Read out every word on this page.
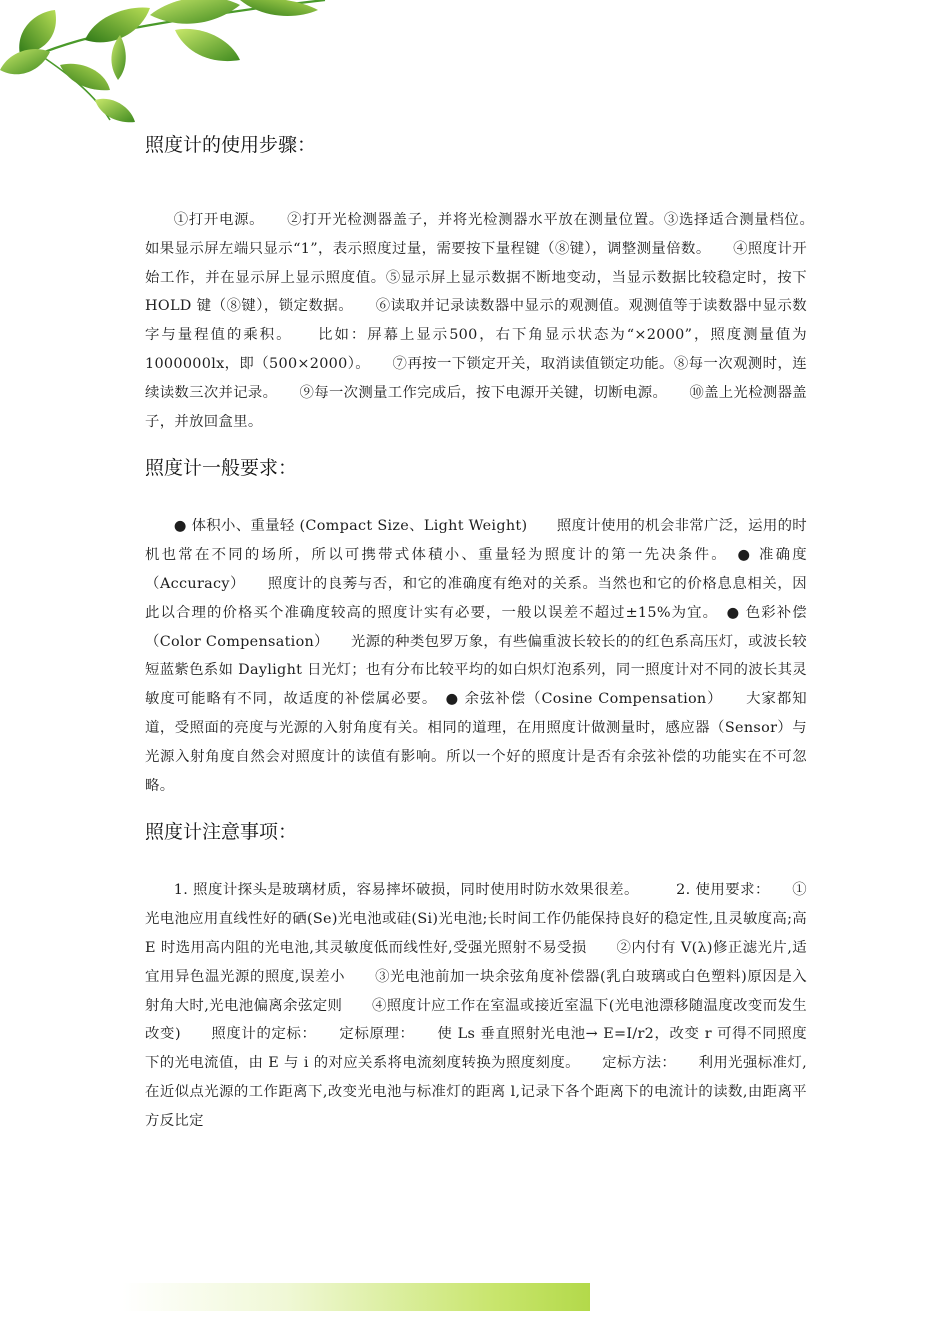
照度计的使用步骤：

①打开电源。　　②打开光检测器盖子，并将光检测器水平放在测量位置。③选择适合测量档位。　　如果显示屏左端只显示“1”，表示照度过量，需要按下量程键（⑧键），调整测量倍数。　　④照度计开始工作，并在显示屏上显示照度值。⑤显示屏上显示数据不断地变动，当显示数据比较稳定时，按下 HOLD 键（⑧键），锁定数据。　　⑥读取并记录读数器中显示的观测值。观测值等于读数器中显示数字与量程值的乘积。　　比如：屏幕上显示500，右下角显示状态为“×2000”，照度测量值为1000000lx，即（500×2000）。　　⑦再按一下锁定开关，取消读值锁定功能。⑧每一次观测时，连续读数三次并记录。　　⑨每一次测量工作完成后，按下电源开关键，切断电源。　　⑩盖上光检测器盖子，并放回盒里。

照度计一般要求：

● 体积小、重量轻 (Compact Size、Light Weight)　　照度计使用的机会非常广泛，运用的时机也常在不同的场所，所以可携带式体積小、重量轻为照度计的第一先决条件。　● 准确度（Accuracy）　　照度计的良莠与否，和它的准确度有绝对的关系。当然也和它的价格息息相关，因此以合理的价格买个准确度较高的照度计实有必要，一般以误差不超过±15%为宜。　● 色彩补偿（Color Compensation）　　光源的种类包罗万象，有些偏重波长较长的的红色系高压灯，或波长较短蓝紫色系如 Daylight 日光灯；也有分布比较平均的如白炽灯泡系列，同一照度计对不同的波长其灵敏度可能略有不同，故适度的补偿属必要。　● 余弦补偿（Cosine Compensation）　　大家都知道，受照面的亮度与光源的入射角度有关。相同的道理，在用照度计做测量时，感应器（Sensor）与光源入射角度自然会对照度计的读值有影响。所以一个好的照度计是否有余弦补偿的功能实在不可忽略。

照度计注意事项：

1. 照度计探头是玻璃材质，容易摔坏破损，同时使用时防水效果很差。　　　2. 使用要求：　　①光电池应用直线性好的硒(Se)光电池或硅(Si)光电池;长时间工作仍能保持良好的稳定性,且灵敏度高;高 E 时选用高内阻的光电池,其灵敏度低而线性好,受强光照射不易受损　　②内付有 V(λ)修正滤光片,适宜用异色温光源的照度,误差小　　③光电池前加一块余弦角度补偿器(乳白玻璃或白色塑料)原因是入射角大时,光电池偏离余弦定则　　④照度计应工作在室温或接近室温下(光电池漂移随温度改变而发生改变)　　照度计的定标：　　定标原理：　　使 Ls 垂直照射光电池→ E=I/r2，改变 r 可得不同照度下的光电流值，由 E 与 i 的对应关系将电流刻度转换为照度刻度。　　定标方法：　　利用光强标准灯,在近似点光源的工作距离下,改变光电池与标准灯的距离 l,记录下各个距离下的电流计的读数,由距离平方反比定
